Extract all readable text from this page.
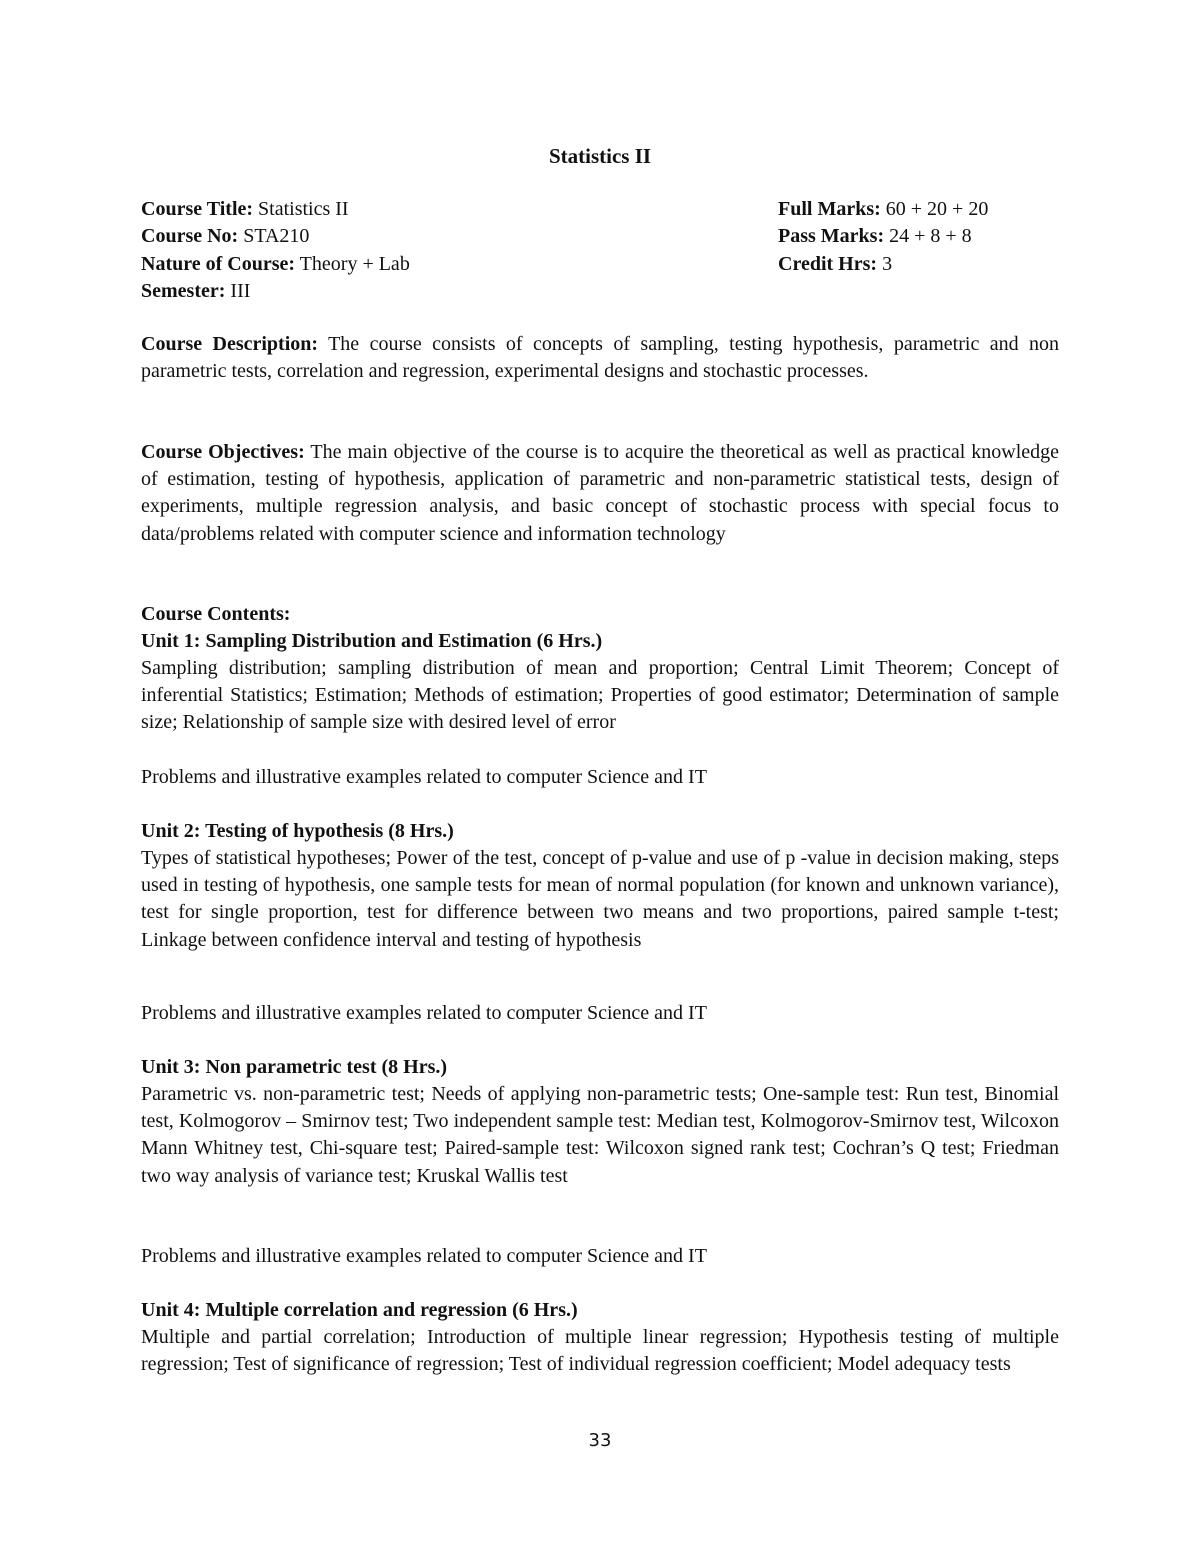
Statistics II
Course Title: Statistics II	Full Marks: 60 + 20 + 20
Course No: STA210	Pass Marks: 24 + 8 + 8
Nature of Course: Theory + Lab	Credit Hrs: 3
Semester: III
Course Description: The course consists of concepts of sampling, testing hypothesis, parametric and non parametric tests, correlation and regression, experimental designs and stochastic processes.
Course Objectives: The main objective of the course is to acquire the theoretical as well as practical knowledge of estimation, testing of hypothesis, application of parametric and non-parametric statistical tests, design of experiments, multiple regression analysis, and basic concept of stochastic process with special focus to data/problems related with computer science and information technology
Course Contents:
Unit 1: Sampling Distribution and Estimation (6 Hrs.)
Sampling distribution; sampling distribution of mean and proportion; Central Limit Theorem; Concept of inferential Statistics; Estimation; Methods of estimation; Properties of good estimator; Determination of sample size; Relationship of sample size with desired level of error
Problems and illustrative examples related to computer Science and IT
Unit 2: Testing of hypothesis (8 Hrs.)
Types of statistical hypotheses; Power of the test, concept of p-value and use of p -value in decision making, steps used in testing of hypothesis, one sample tests for mean of normal population (for known and unknown variance), test for single proportion, test for difference between two means and two proportions, paired sample t-test; Linkage between confidence interval and testing of hypothesis
Problems and illustrative examples related to computer Science and IT
Unit 3: Non parametric test (8 Hrs.)
Parametric vs. non-parametric test; Needs of applying non-parametric tests; One-sample test: Run test, Binomial test, Kolmogorov – Smirnov test; Two independent sample test: Median test, Kolmogorov-Smirnov test, Wilcoxon Mann Whitney test, Chi-square test; Paired-sample test: Wilcoxon signed rank test; Cochran’s Q test; Friedman two way analysis of variance test; Kruskal Wallis test
Problems and illustrative examples related to computer Science and IT
Unit 4: Multiple correlation and regression (6 Hrs.)
Multiple and partial correlation; Introduction of multiple linear regression; Hypothesis testing of multiple regression; Test of significance of regression; Test of individual regression coefficient; Model adequacy tests
33
